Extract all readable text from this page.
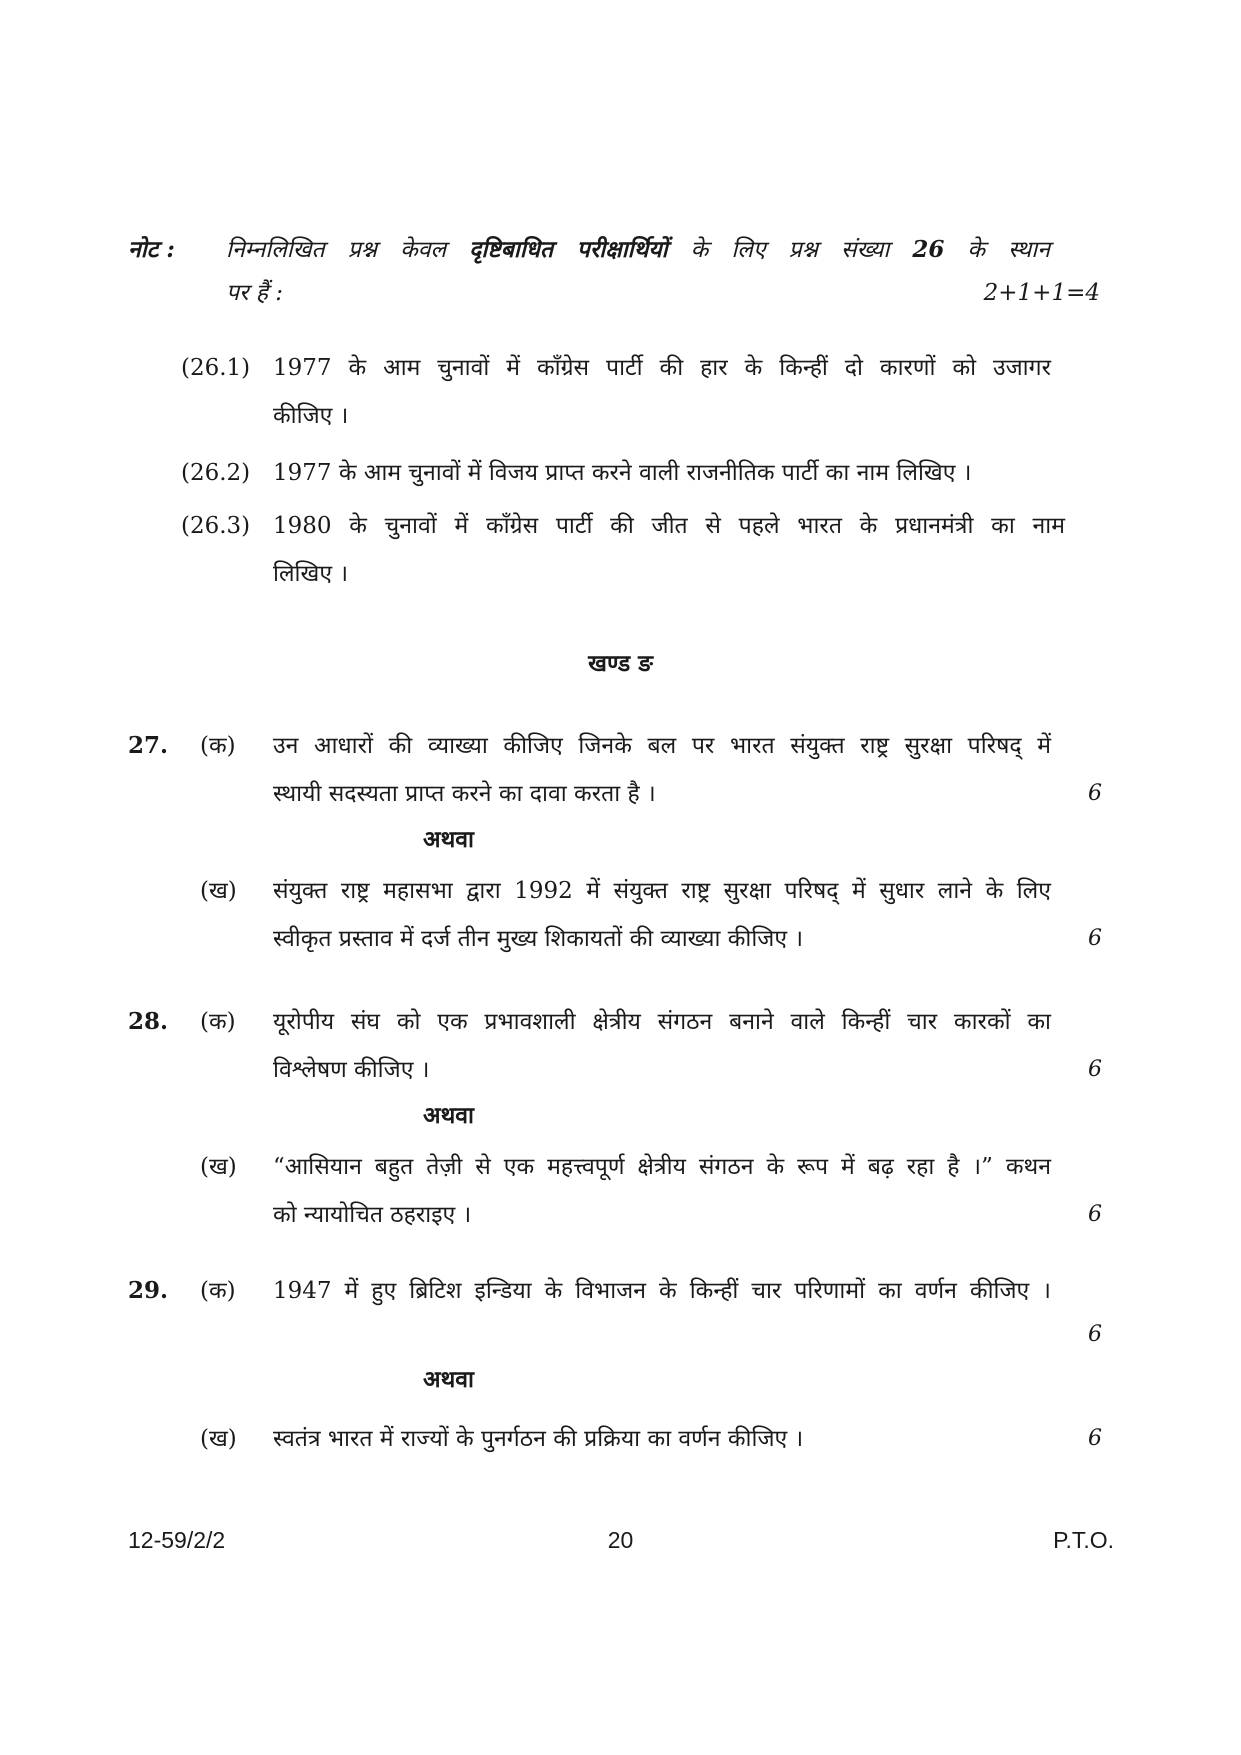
नोट : निम्नलिखित प्रश्न केवल दृष्टिबाधित परीक्षार्थियों के लिए प्रश्न संख्या 26 के स्थान
पर हैं :	2+1+1=4
(26.1) 1977 के आम चुनावों में काँग्रेस पार्टी की हार के किन्हीं दो कारणों को उजागर
कीजिए ।
(26.2) 1977 के आम चुनावों में विजय प्राप्त करने वाली राजनीतिक पार्टी का नाम लिखिए ।
(26.3) 1980 के चुनावों में काँग्रेस पार्टी की जीत से पहले भारत के प्रधानमंत्री का नाम
लिखिए ।
खण्ड ङ
27. (क) उन आधारों की व्याख्या कीजिए जिनके बल पर भारत संयुक्त राष्ट्र सुरक्षा परिषद् में
स्थायी सदस्यता प्राप्त करने का दावा करता है ।	6
अथवा
(ख) संयुक्त राष्ट्र महासभा द्वारा 1992 में संयुक्त राष्ट्र सुरक्षा परिषद् में सुधार लाने के लिए
स्वीकृत प्रस्ताव में दर्ज तीन मुख्य शिकायतों की व्याख्या कीजिए ।	6
28. (क) यूरोपीय संघ को एक प्रभावशाली क्षेत्रीय संगठन बनाने वाले किन्हीं चार कारकों का
विश्लेषण कीजिए ।	6
अथवा
(ख) “आसियान बहुत तेज़ी से एक महत्त्वपूर्ण क्षेत्रीय संगठन के रूप में बढ़ रहा है ।” कथन
को न्यायोचित ठहराइए ।	6
29. (क) 1947 में हुए ब्रिटिश इन्डिया के विभाजन के किन्हीं चार परिणामों का वर्णन कीजिए ।
6
अथवा
(ख) स्वतंत्र भारत में राज्यों के पुनर्गठन की प्रक्रिया का वर्णन कीजिए ।	6
12-59/2/2	20	P.T.O.
